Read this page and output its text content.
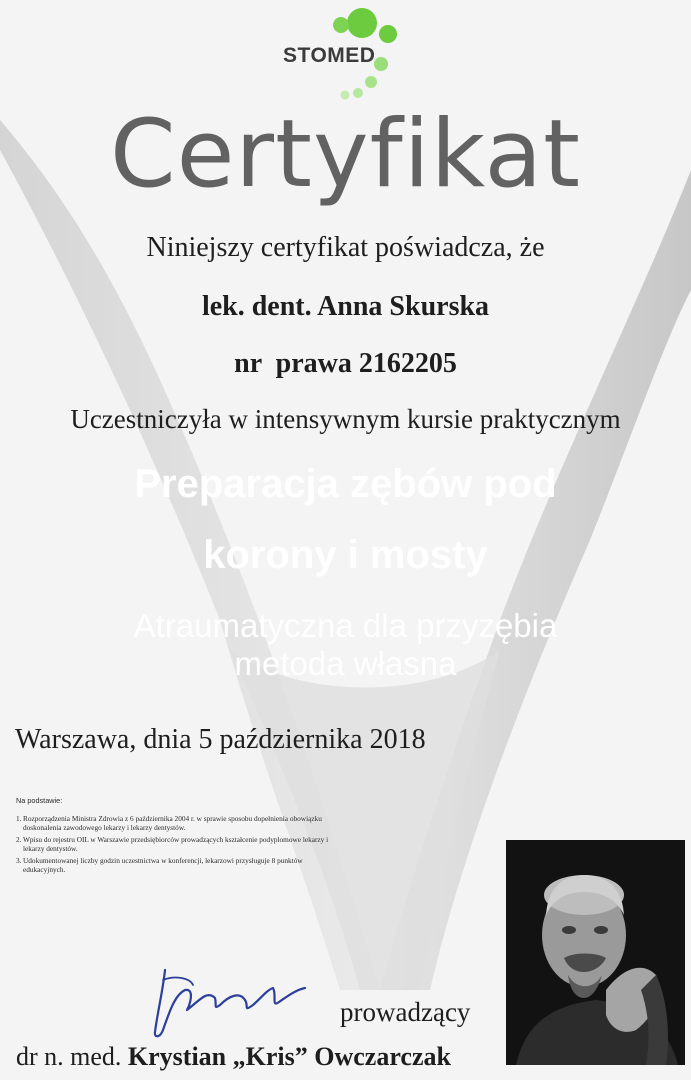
STOMED
Certyfikat
Niniejszy certyfikat poświadcza, że
lek. dent. Anna Skurska
nr  prawa 2162205
Uczestniczyła w intensywnym kursie praktycznym
Preparacja zębów pod
korony i mosty
Atraumatyczna dla przyzębia
metoda własna
Warszawa, dnia 5 października 2018
Na podstawie:
1. Rozporządzenia Ministra Zdrowia z 6 października 2004 r. w sprawie sposobu dopełnienia obowiązku doskonalenia zawodowego lekarzy i lekarzy dentystów.
2. Wpisu do rejestru OIL w Warszawie przedsiębiorców prowadzących kształcenie podyplomowe lekarzy i lekarzy dentystów.
3. Udokumentowanej liczby godzin uczestnictwa w konferencji, lekarzowi przysługuje 8 punktów edukacyjnych.
prowadzący
dr n. med. Krystian „Kris” Owczarczak
